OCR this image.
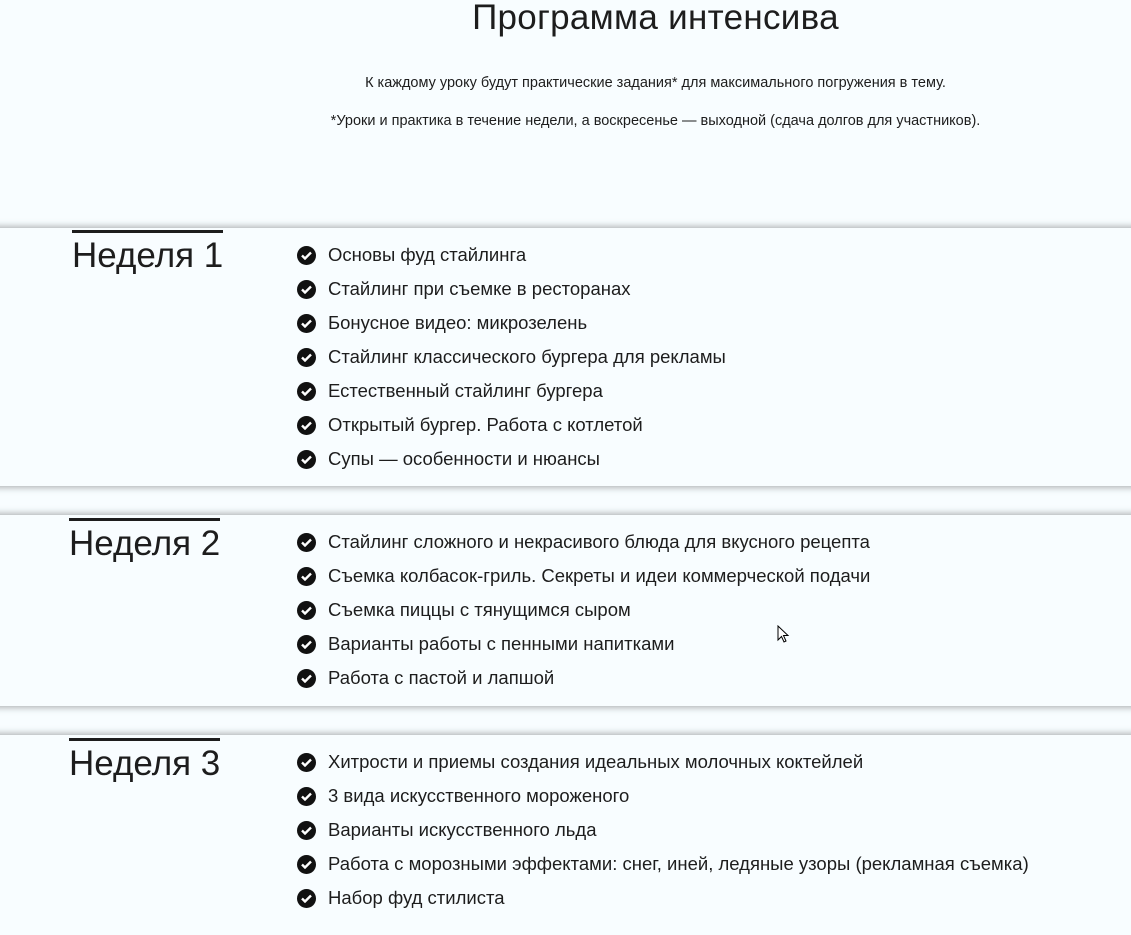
Программа интенсива
К каждому уроку будут практические задания* для максимального погружения в тему.
*Уроки и практика в течение недели, а воскресенье — выходной (сдача долгов для участников).
Неделя 1	Основы фуд стайлинга
Стайлинг при съемке в ресторанах
Бонусное видео: микрозелень
Стайлинг классического бургера для рекламы
Естественный стайлинг бургера
Открытый бургер. Работа с котлетой
Супы — особенности и нюансы
Неделя 2	Стайлинг сложного и некрасивого блюда для вкусного рецепта
Съемка колбасок-гриль. Секреты и идеи коммерческой подачи
Съемка пиццы с тянущимся сыром
Варианты работы с пенными напитками
Работа с пастой и лапшой
Неделя 3	Хитрости и приемы создания идеальных молочных коктейлей
3 вида искусственного мороженого
Варианты искусственного льда
Работа с морозными эффектами: снег, иней, ледяные узоры (рекламная съемка)
Набор фуд стилиста
